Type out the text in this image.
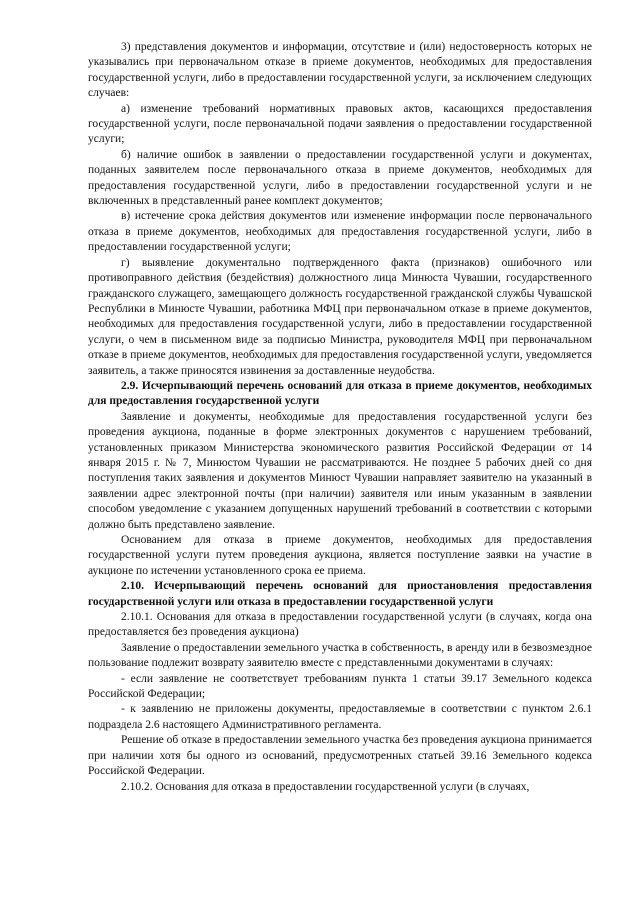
3) представления документов и информации, отсутствие и (или) недостоверность которых не указывались при первоначальном отказе в приеме документов, необходимых для предоставления государственной услуги, либо в предоставлении государственной услуги, за исключением следующих случаев:

а) изменение требований нормативных правовых актов, касающихся предоставления государственной услуги, после первоначальной подачи заявления о предоставлении государственной услуги;

б) наличие ошибок в заявлении о предоставлении государственной услуги и документах, поданных заявителем после первоначального отказа в приеме документов, необходимых для предоставления государственной услуги, либо в предоставлении государственной услуги и не включенных в представленный ранее комплект документов;

в) истечение срока действия документов или изменение информации после первоначального отказа в приеме документов, необходимых для предоставления государственной услуги, либо в предоставлении государственной услуги;

г) выявление документально подтвержденного факта (признаков) ошибочного или противоправного действия (бездействия) должностного лица Минюста Чувашии, государственного гражданского служащего, замещающего должность государственной гражданской службы Чувашской Республики в Минюсте Чувашии, работника МФЦ при первоначальном отказе в приеме документов, необходимых для предоставления государственной услуги, либо в предоставлении государственной услуги, о чем в письменном виде за подписью Министра, руководителя МФЦ при первоначальном отказе в приеме документов, необходимых для предоставления государственной услуги, уведомляется заявитель, а также приносятся извинения за доставленные неудобства.

2.9. Исчерпывающий перечень оснований для отказа в приеме документов, необходимых для предоставления государственной услуги

Заявление и документы, необходимые для предоставления государственной услуги без проведения аукциона, поданные в форме электронных документов с нарушением требований, установленных приказом Министерства экономического развития Российской Федерации от 14 января 2015 г. № 7, Минюстом Чувашии не рассматриваются. Не позднее 5 рабочих дней со дня поступления таких заявления и документов Минюст Чувашии направляет заявителю на указанный в заявлении адрес электронной почты (при наличии) заявителя или иным указанным в заявлении способом уведомление с указанием допущенных нарушений требований в соответствии с которыми должно быть представлено заявление.

Основанием для отказа в приеме документов, необходимых для предоставления государственной услуги путем проведения аукциона, является поступление заявки на участие в аукционе по истечении установленного срока ее приема.

2.10. Исчерпывающий перечень оснований для приостановления предоставления государственной услуги или отказа в предоставлении государственной услуги

2.10.1. Основания для отказа в предоставлении государственной услуги (в случаях, когда она предоставляется без проведения аукциона)

Заявление о предоставлении земельного участка в собственность, в аренду или в безвозмездное пользование подлежит возврату заявителю вместе с представленными документами в случаях:

- если заявление не соответствует требованиям пункта 1 статьи 39.17 Земельного кодекса Российской Федерации;

- к заявлению не приложены документы, предоставляемые в соответствии с пунктом 2.6.1 подраздела 2.6 настоящего Административного регламента.

Решение об отказе в предоставлении земельного участка без проведения аукциона принимается при наличии хотя бы одного из оснований, предусмотренных статьей 39.16 Земельного кодекса Российской Федерации.

2.10.2. Основания для отказа в предоставлении государственной услуги (в случаях,
